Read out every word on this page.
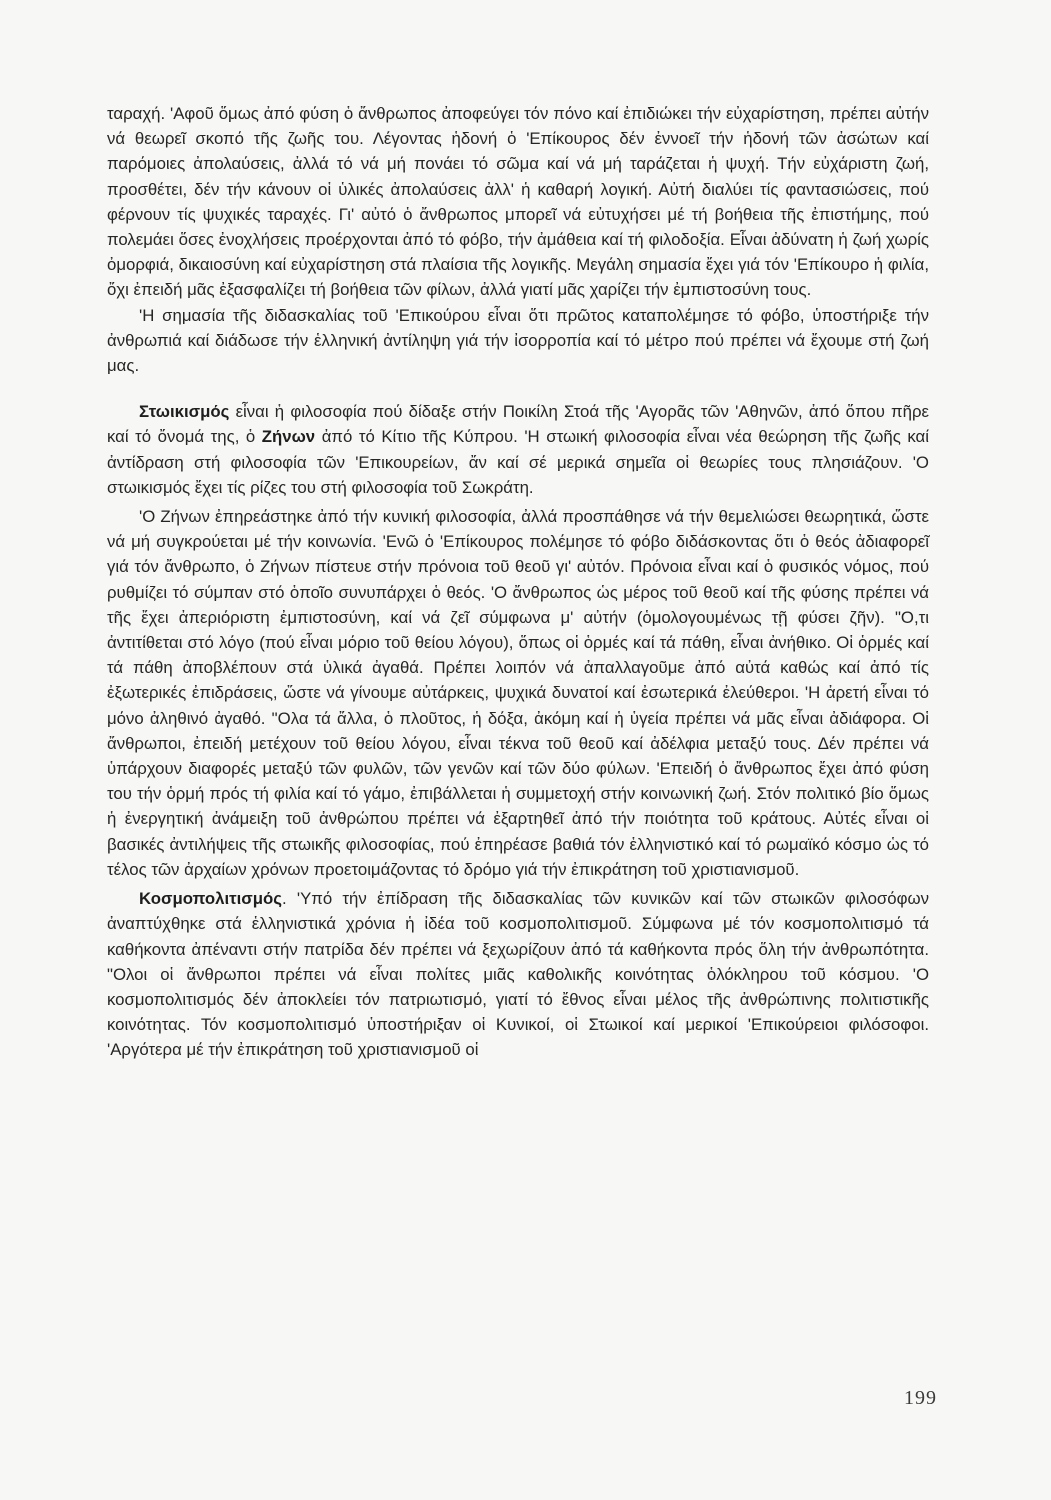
ταραχή. 'Αφοῦ ὅμως ἀπό φύση ὁ ἄνθρωπος ἀποφεύγει τόν πόνο καί ἐπιδιώκει τήν εὐχαρίστηση, πρέπει αὐτήν νά θεωρεῖ σκοπό τῆς ζωῆς του. Λέγοντας ἡδονή ὁ 'Επίκουρος δέν ἐννοεῖ τήν ἡδονή τῶν ἀσώτων καί παρόμοιες ἀπολαύσεις, ἀλλά τό νά μή πονάει τό σῶμα καί νά μή ταράζεται ἡ ψυχή. Τήν εὐχάριστη ζωή, προσθέτει, δέν τήν κάνουν οἱ ὑλικές ἀπολαύσεις ἀλλ' ἡ καθαρή λογική. Αὐτή διαλύει τίς φαντασιώσεις, πού φέρνουν τίς ψυχικές ταραχές. Γι' αὐτό ὁ ἄνθρωπος μπορεῖ νά εὐτυχήσει μέ τή βοήθεια τῆς ἐπιστήμης, πού πολεμάει ὅσες ἐνοχλήσεις προέρχονται ἀπό τό φόβο, τήν ἀμάθεια καί τή φιλοδοξία. Εἶναι ἀδύνατη ἡ ζωή χωρίς ὀμορφιά, δικαιοσύνη καί εὐχαρίστηση στά πλαίσια τῆς λογικῆς. Μεγάλη σημασία ἔχει γιά τόν 'Επίκουρο ἡ φιλία, ὄχι ἐπειδή μᾶς ἐξασφαλίζει τή βοήθεια τῶν φίλων, ἀλλά γιατί μᾶς χαρίζει τήν ἐμπιστοσύνη τους.

'Η σημασία τῆς διδασκαλίας τοῦ 'Επικούρου εἶναι ὅτι πρῶτος καταπολέμησε τό φόβο, ὑποστήριξε τήν ἀνθρωπιά καί διάδωσε τήν ἑλληνική ἀντίληψη γιά τήν ἰσορροπία καί τό μέτρο πού πρέπει νά ἔχουμε στή ζωή μας.

Στωικισμός εἶναι ἡ φιλοσοφία πού δίδαξε στήν Ποικίλη Στοά τῆς 'Αγορᾶς τῶν 'Αθηνῶν, ἀπό ὅπου πῆρε καί τό ὄνομά της, ὁ Ζήνων ἀπό τό Κίτιο τῆς Κύπρου. 'Η στωική φιλοσοφία εἶναι νέα θεώρηση τῆς ζωῆς καί ἀντίδραση στή φιλοσοφία τῶν 'Επικουρείων, ἄν καί σέ μερικά σημεῖα οἱ θεωρίες τους πλησιάζουν. 'Ο στωικισμός ἔχει τίς ρίζες του στή φιλοσοφία τοῦ Σωκράτη.

'Ο Ζήνων ἐπηρεάστηκε ἀπό τήν κυνική φιλοσοφία, ἀλλά προσπάθησε νά τήν θεμελιώσει θεωρητικά, ὥστε νά μή συγκρούεται μέ τήν κοινωνία. 'Ενῶ ὁ 'Επίκουρος πολέμησε τό φόβο διδάσκοντας ὅτι ὁ θεός ἀδιαφορεῖ γιά τόν ἄνθρωπο, ὁ Ζήνων πίστευε στήν πρόνοια τοῦ θεοῦ γι' αὐτόν. Πρόνοια εἶναι καί ὁ φυσικός νόμος, πού ρυθμίζει τό σύμπαν στό ὁποῖο συνυπάρχει ὁ θεός. 'Ο ἄνθρωπος ὡς μέρος τοῦ θεοῦ καί τῆς φύσης πρέπει νά τῆς ἔχει ἀπεριόριστη ἐμπιστοσύνη, καί νά ζεῖ σύμφωνα μ' αὐτήν (ὁμολογουμένως τῇ φύσει ζῆν). "Ο,τι ἀντιτίθεται στό λόγο (πού εἶναι μόριο τοῦ θείου λόγου), ὅπως οἱ ὁρμές καί τά πάθη, εἶναι ἀνήθικο. Οἱ ὁρμές καί τά πάθη ἀποβλέπουν στά ὑλικά ἀγαθά. Πρέπει λοιπόν νά ἀπαλλαγοῦμε ἀπό αὐτά καθώς καί ἀπό τίς ἐξωτερικές ἐπιδράσεις, ὥστε νά γίνουμε αὐτάρκεις, ψυχικά δυνατοί καί ἐσωτερικά ἐλεύθεροι. 'Η ἀρετή εἶναι τό μόνο ἀληθινό ἀγαθό. "Ολα τά ἄλλα, ὁ πλοῦτος, ἡ δόξα, ἀκόμη καί ἡ ὑγεία πρέπει νά μᾶς εἶναι ἀδιάφορα. Οἱ ἄνθρωποι, ἐπειδή μετέχουν τοῦ θείου λόγου, εἶναι τέκνα τοῦ θεοῦ καί ἀδέλφια μεταξύ τους. Δέν πρέπει νά ὑπάρχουν διαφορές μεταξύ τῶν φυλῶν, τῶν γενῶν καί τῶν δύο φύλων. 'Επειδή ὁ ἄνθρωπος ἔχει ἀπό φύση του τήν ὁρμή πρός τή φιλία καί τό γάμο, ἐπιβάλλεται ἡ συμμετοχή στήν κοινωνική ζωή. Στόν πολιτικό βίο ὅμως ἡ ἐνεργητική ἀνάμειξη τοῦ ἀνθρώπου πρέπει νά ἐξαρτηθεῖ ἀπό τήν ποιότητα τοῦ κράτους. Αὐτές εἶναι οἱ βασικές ἀντιλήψεις τῆς στωικῆς φιλοσοφίας, πού ἐπηρέασε βαθιά τόν ἑλληνιστικό καί τό ρωμαϊκό κόσμο ὡς τό τέλος τῶν ἀρχαίων χρόνων προετοιμάζοντας τό δρόμο γιά τήν ἐπικράτηση τοῦ χριστιανισμοῦ.

Κοσμοπολιτισμός. 'Υπό τήν ἐπίδραση τῆς διδασκαλίας τῶν κυνικῶν καί τῶν στωικῶν φιλοσόφων ἀναπτύχθηκε στά ἑλληνιστικά χρόνια ἡ ἰδέα τοῦ κοσμοπολιτισμοῦ. Σύμφωνα μέ τόν κοσμοπολιτισμό τά καθήκοντα ἀπέναντι στήν πατρίδα δέν πρέπει νά ξεχωρίζουν ἀπό τά καθήκοντα πρός ὅλη τήν ἀνθρωπότητα. "Ολοι οἱ ἄνθρωποι πρέπει νά εἶναι πολίτες μιᾶς καθολικῆς κοινότητας ὁλόκληρου τοῦ κόσμου. 'Ο κοσμοπολιτισμός δέν ἀποκλείει τόν πατριωτισμό, γιατί τό ἔθνος εἶναι μέλος τῆς ἀνθρώπινης πολιτιστικῆς κοινότητας. Τόν κοσμοπολιτισμό ὑποστήριξαν οἱ Κυνικοί, οἱ Στωικοί καί μερικοί 'Επικούρειοι φιλόσοφοι. 'Αργότερα μέ τήν ἐπικράτηση τοῦ χριστιανισμοῦ οἱ

199
